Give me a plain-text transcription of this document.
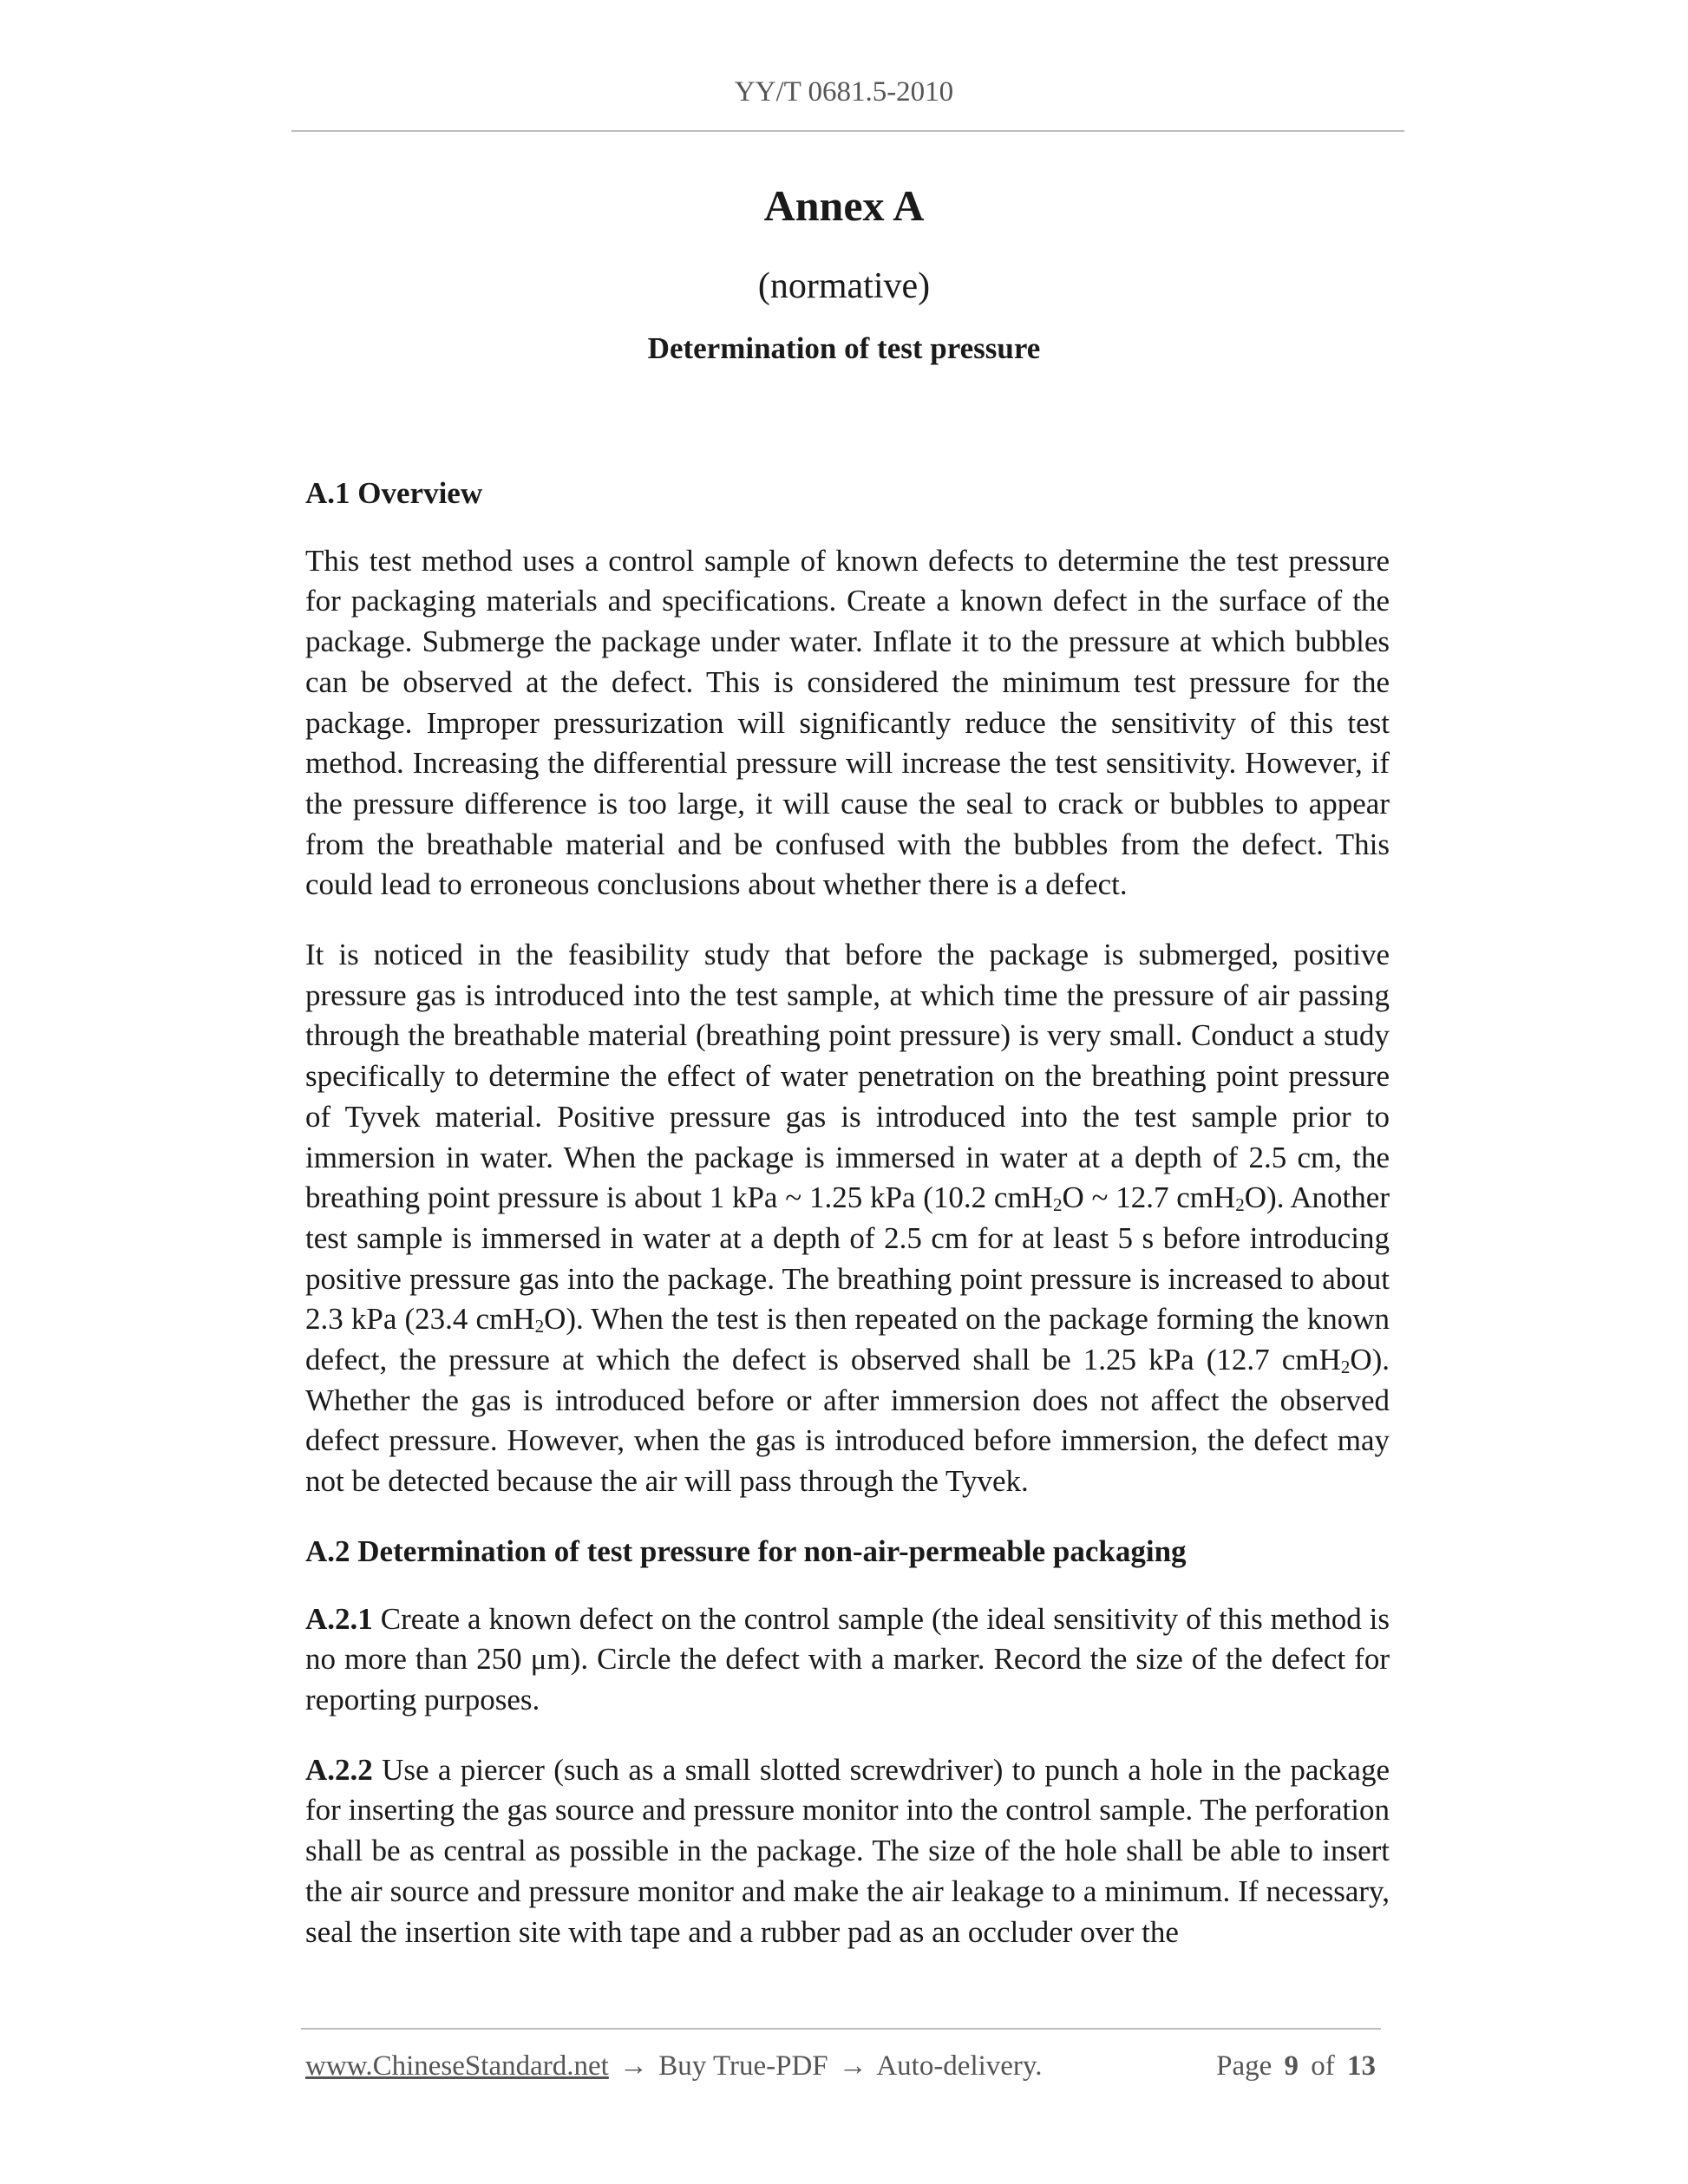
YY/T 0681.5-2010
Annex A
(normative)
Determination of test pressure
A.1 Overview

This test method uses a control sample of known defects to determine the test pressure for packaging materials and specifications. Create a known defect in the surface of the package. Submerge the package under water. Inflate it to the pressure at which bubbles can be observed at the defect. This is considered the minimum test pressure for the package. Improper pressurization will significantly reduce the sensitivity of this test method. Increasing the differential pressure will increase the test sensitivity. However, if the pressure difference is too large, it will cause the seal to crack or bubbles to appear from the breathable material and be confused with the bubbles from the defect. This could lead to erroneous conclusions about whether there is a defect.

It is noticed in the feasibility study that before the package is submerged, positive pressure gas is introduced into the test sample, at which time the pressure of air passing through the breathable material (breathing point pressure) is very small. Conduct a study specifically to determine the effect of water penetration on the breathing point pressure of Tyvek material. Positive pressure gas is introduced into the test sample prior to immersion in water. When the package is immersed in water at a depth of 2.5 cm, the breathing point pressure is about 1 kPa ~ 1.25 kPa (10.2 cmH$_2$O ~ 12.7 cmH$_2$O). Another test sample is immersed in water at a depth of 2.5 cm for at least 5 s before introducing positive pressure gas into the package. The breathing point pressure is increased to about 2.3 kPa (23.4 cmH$_2$O). When the test is then repeated on the package forming the known defect, the pressure at which the defect is observed shall be 1.25 kPa (12.7 cmH$_2$O). Whether the gas is introduced before or after immersion does not affect the observed defect pressure. However, when the gas is introduced before immersion, the defect may not be detected because the air will pass through the Tyvek.

A.2 Determination of test pressure for non-air-permeable packaging

A.2.1 Create a known defect on the control sample (the ideal sensitivity of this method is no more than 250 μm). Circle the defect with a marker. Record the size of the defect for reporting purposes.

A.2.2 Use a piercer (such as a small slotted screwdriver) to punch a hole in the package for inserting the gas source and pressure monitor into the control sample. The perforation shall be as central as possible in the package. The size of the hole shall be able to insert the air source and pressure monitor and make the air leakage to a minimum. If necessary, seal the insertion site with tape and a rubber pad as an occluder over the

www.ChineseStandard.net → Buy True-PDF → Auto-delivery.	Page 9 of 13
